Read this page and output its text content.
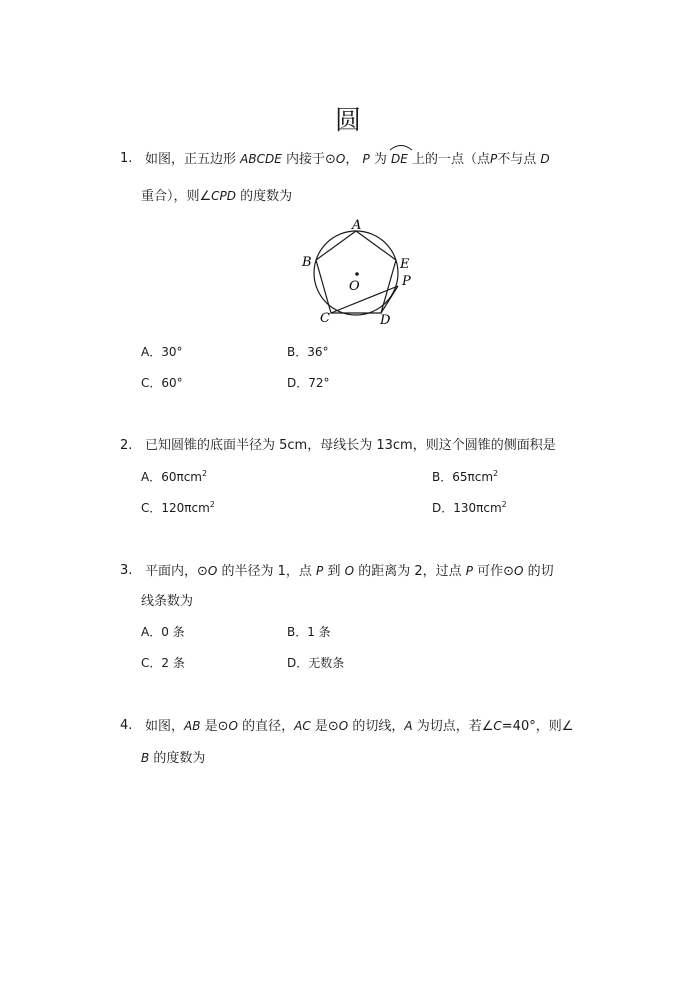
圆
1. 如图，正五边形 ABCDE 内接于⊙O， P 为 DE 上的一点（点P不与点 D
重合），则∠CPD 的度数为
A
B
C	D
E
P
O
A．30°	B．36°
C．60°	D．72°
2. 已知圆锥的底面半径为 5cm，母线长为 13cm，则这个圆锥的侧面积是
A．60πcm$^2$	B．65πcm$^2$
C．120πcm$^2$	D．130πcm$^2$
3. 平面内，⊙O 的半径为 1，点 P 到 O 的距离为 2，过点 P 可作⊙O 的切
线条数为
A．0 条	B．1 条
C．2 条	D．无数条
4. 如图，AB 是⊙O 的直径，AC 是⊙O 的切线，A 为切点，若∠C=40°，则∠
B 的度数为
